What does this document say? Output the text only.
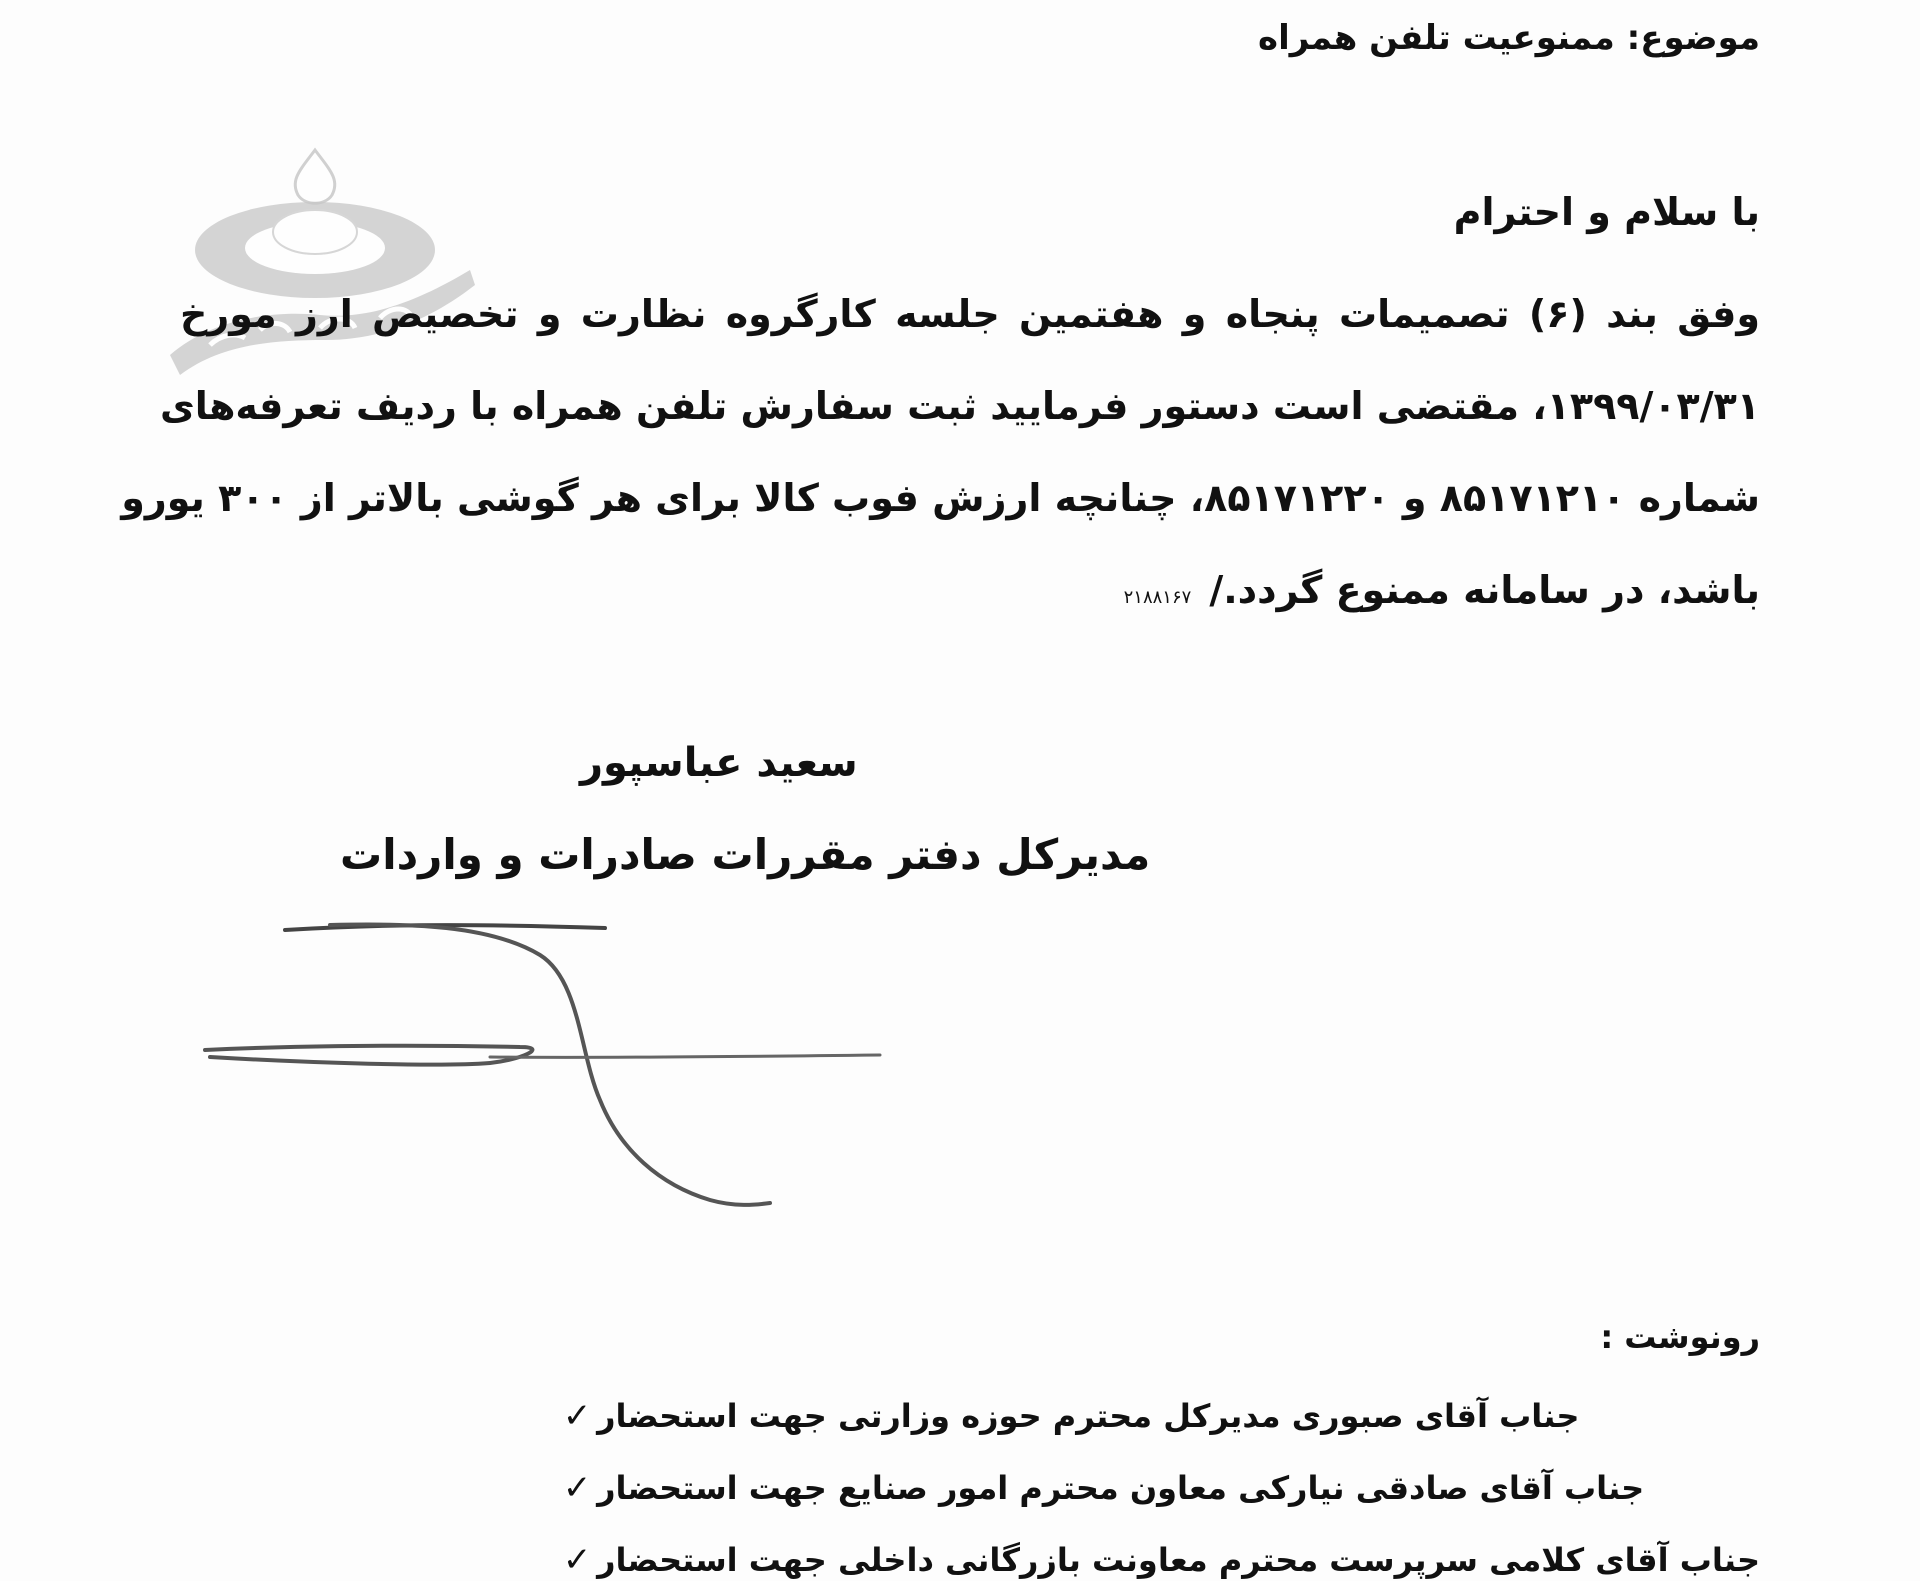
موضوع: ممنوعیت تلفن همراه
با سلام و احترام
وفق بند (۶) تصمیمات پنجاه و هفتمین جلسه کارگروه نظارت و تخصیص ارز مورخ
۱۳۹۹/۰۳/۳۱، مقتضی است دستور فرمایید ثبت سفارش تلفن همراه با ردیف تعرفه‌های
شماره ۸۵۱۷۱۲۱۰ و ۸۵۱۷۱۲۲۰، چنانچه ارزش فوب کالا برای هر گوشی بالاتر از ۳۰۰ یورو
باشد، در سامانه ممنوع گردد./۲۱۸۸۱۶۷
سعید عباسپور
مدیرکل دفتر مقررات صادرات و واردات
رونوشت :
✓ جناب آقای صبوری مدیرکل محترم حوزه وزارتی جهت استحضار
✓ جناب آقای صادقی نیارکی معاون محترم امور صنایع جهت استحضار
✓ جناب آقای کلامی سرپرست محترم معاونت بازرگانی داخلی جهت استحضار
